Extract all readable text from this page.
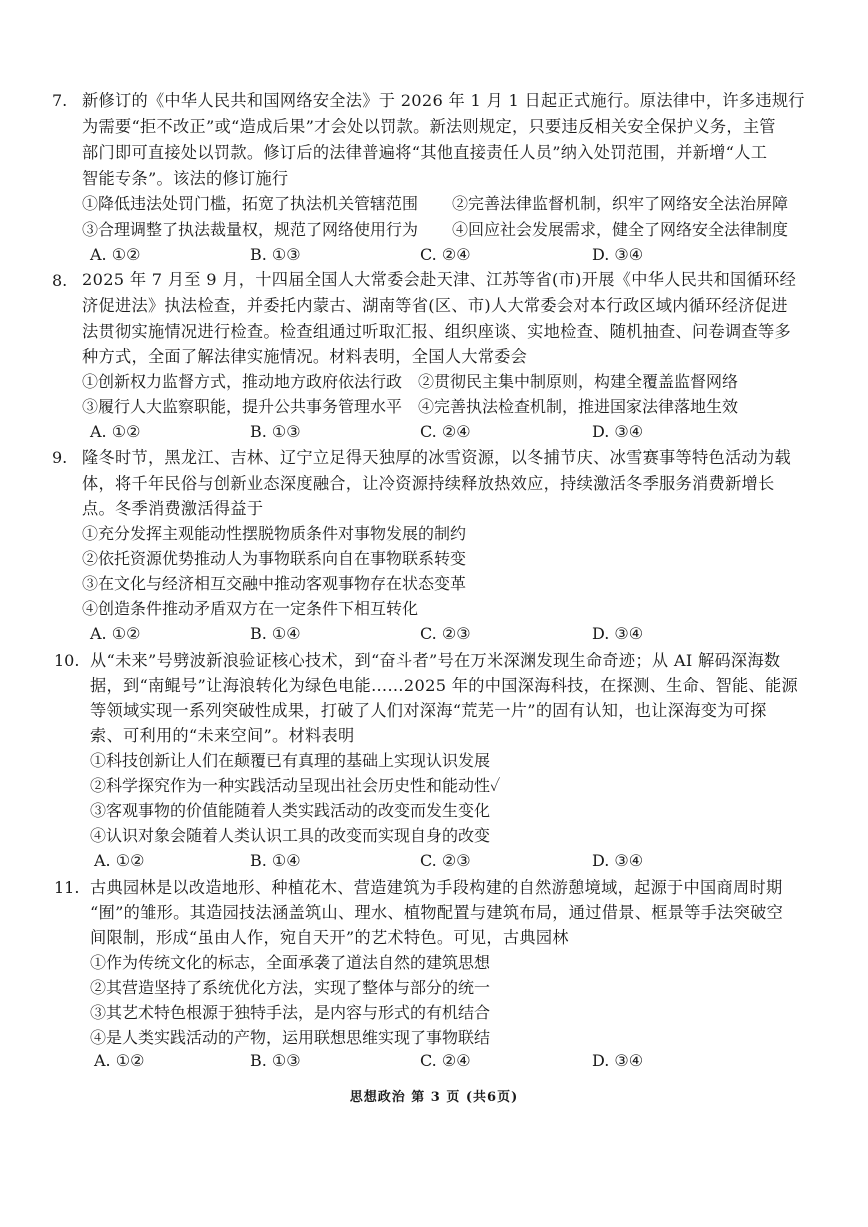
7. 新修订的《中华人民共和国网络安全法》于 2026 年 1 月 1 日起正式施行。原法律中，许多违规行
为需要“拒不改正”或“造成后果”才会处以罚款。新法则规定，只要违反相关安全保护义务，主管
部门即可直接处以罚款。修订后的法律普遍将“其他直接责任人员”纳入处罚范围，并新增“人工
智能专条”。该法的修订施行
①降低违法处罚门槛，拓宽了执法机关管辖范围 ②完善法律监督机制，织牢了网络安全法治屏障
③合理调整了执法裁量权，规范了网络使用行为 ④回应社会发展需求，健全了网络安全法律制度
A. ①②	B. ①③	C. ②④	D. ③④
8. 2025 年 7 月至 9 月，十四届全国人大常委会赴天津、江苏等省(市)开展《中华人民共和国循环经
济促进法》执法检查，并委托内蒙古、湖南等省(区、市)人大常委会对本行政区域内循环经济促进
法贯彻实施情况进行检查。检查组通过听取汇报、组织座谈、实地检查、随机抽查、问卷调查等多
种方式，全面了解法律实施情况。材料表明，全国人大常委会
①创新权力监督方式，推动地方政府依法行政 ②贯彻民主集中制原则，构建全覆盖监督网络
③履行人大监察职能，提升公共事务管理水平 ④完善执法检查机制，推进国家法律落地生效
A. ①②	B. ①③	C. ②④	D. ③④
9. 隆冬时节，黑龙江、吉林、辽宁立足得天独厚的冰雪资源，以冬捕节庆、冰雪赛事等特色活动为载
体，将千年民俗与创新业态深度融合，让冷资源持续释放热效应，持续激活冬季服务消费新增长
点。冬季消费激活得益于
①充分发挥主观能动性摆脱物质条件对事物发展的制约
②依托资源优势推动人为事物联系向自在事物联系转变
③在文化与经济相互交融中推动客观事物存在状态变革
④创造条件推动矛盾双方在一定条件下相互转化
A. ①②	B. ①④	C. ②③	D. ③④
10. 从“未来”号劈波新浪验证核心技术，到“奋斗者”号在万米深渊发现生命奇迹；从 AI 解码深海数
据，到“南鲲号”让海浪转化为绿色电能……2025 年的中国深海科技，在探测、生命、智能、能源
等领域实现一系列突破性成果，打破了人们对深海“荒芜一片”的固有认知，也让深海变为可探
索、可利用的“未来空间”。材料表明
①科技创新让人们在颠覆已有真理的基础上实现认识发展
②科学探究作为一种实践活动呈现出社会历史性和能动性✓
③客观事物的价值能随着人类实践活动的改变而发生变化
④认识对象会随着人类认识工具的改变而实现自身的改变
A. ①②	B. ①④	C. ②③	D. ③④
11. 古典园林是以改造地形、种植花木、营造建筑为手段构建的自然游憩境域，起源于中国商周时期
“囿”的雏形。其造园技法涵盖筑山、理水、植物配置与建筑布局，通过借景、框景等手法突破空
间限制，形成“虽由人作，宛自天开”的艺术特色。可见，古典园林
①作为传统文化的标志，全面承袭了道法自然的建筑思想
②其营造坚持了系统优化方法，实现了整体与部分的统一
③其艺术特色根源于独特手法，是内容与形式的有机结合
④是人类实践活动的产物，运用联想思维实现了事物联结
A. ①②	B. ①③	C. ②④	D. ③④
思想政治 第 3 页 (共6页)
